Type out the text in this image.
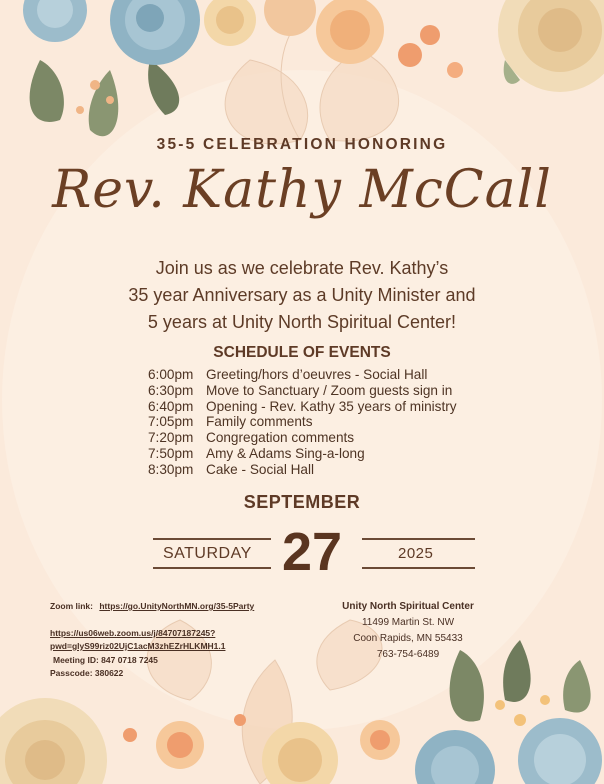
35-5 CELEBRATION HONORING
Rev. Kathy McCall
Join us as we celebrate Rev. Kathy’s
35 year Anniversary as a Unity Minister and
5 years at Unity North Spiritual Center!
SCHEDULE OF EVENTS
6:00pm Greeting/hors d’oeuvres - Social Hall
6:30pm Move to Sanctuary / Zoom guests sign in
6:40pm Opening - Rev. Kathy 35 years of ministry
7:05pm Family comments
7:20pm Congregation comments
7:50pm Amy & Adams Sing-a-long
8:30pm Cake - Social Hall
SEPTEMBER
SATURDAY 27	2025
Zoom link: https://go.UnityNorthMN.org/35-5Party
https://us06web.zoom.us/j/84707187245?
pwd=glyS99riz02UjC1acM3zhEZrHLKMH1.1
Meeting ID: 847 0718 7245
Passcode: 380622
Unity North Spiritual Center
11499 Martin St. NW
Coon Rapids, MN 55433
763-754-6489
